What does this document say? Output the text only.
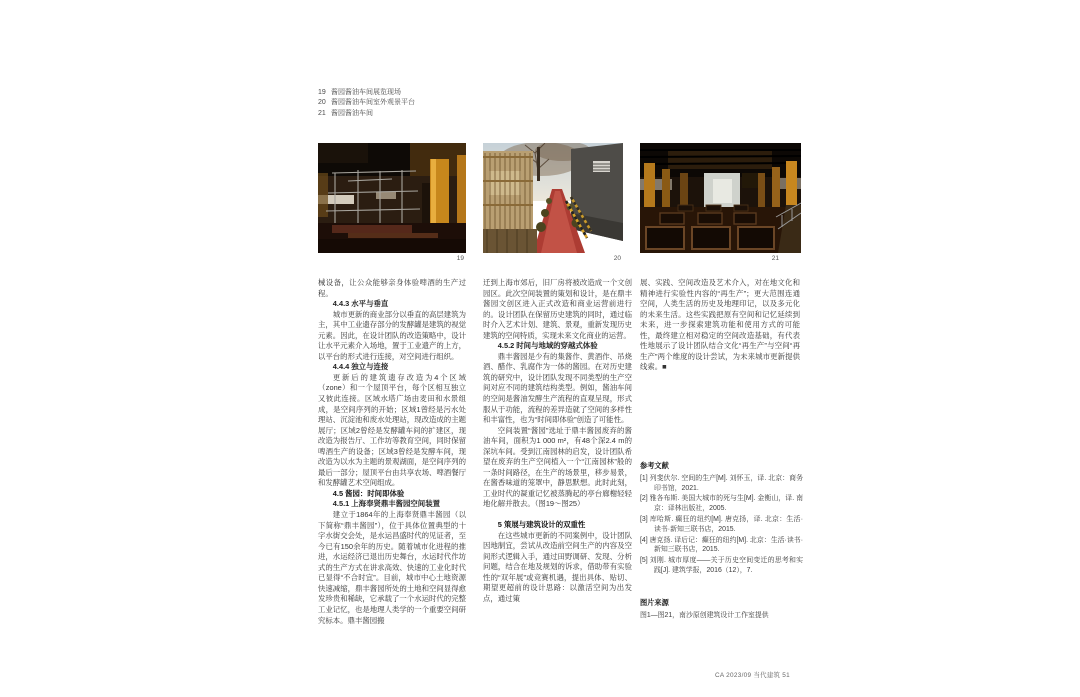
19 酱园酱油车间展览现场
20 酱园酱油车间室外观景平台
21 酱园酱油车间
19	20	21

械设备，让公众能够亲身体验啤酒的生产过程。

4.4.3 水平与垂直

城市更新的商业部分以垂直的高层建筑为主，其中工业遗存部分的发酵罐是建筑的视觉元素。因此，在设计团队的改造策略中，设计让水平元素介入场地，置于工业遗产的上方，以平台的形式进行连接，对空间进行组织。

4.4.4 独立与连接

更新后的建筑遗存改造为4个区域（zone）和一个屋顶平台，每个区相互独立又彼此连接。区域水塔广场由麦田和水景组成，是空间序列的开始；区域1曾经是污水处理站、沉淀池和废水处理站，现改造成的主题展厅；区域2曾经是发酵罐车间的扩建区，现改造为报告厅、工作坊等教育空间，同时保留啤酒生产的设备；区域3曾经是发酵车间，现改造为以水为主题的景观湖面，是空间序列的最后一部分；屋顶平台由共享农场、啤酒餐厅和发酵罐艺术空间组成。

4.5 酱园：时间即体验

4.5.1 上海奉贤鼎丰酱园空间装置

建立于1864年的上海奉贤鼎丰酱园（以下简称“鼎丰酱园”），位于具体位置典型的十字水街交会处，是水运昌盛时代的见证者，至今已有150余年的历史。随着城市化进程的推进，水运经济已退出历史舞台，水运时代作坊式的生产方式在讲求高效、快速的工业化时代已显得“不合时宜”。目前，城市中心土地资源快速减缩，鼎丰酱园所处的土地和空间显得愈发珍贵和稀缺，它承载了一个水运时代的完整工业记忆，也是地理人类学的一个重要空间研究标本。鼎丰酱园搬

迁到上海市郊后，旧厂房将被改造成一个文创园区。此次空间装置的策划和设计，是在鼎丰酱园文创区进入正式改造和商业运营前进行的。设计团队在保留历史建筑的同时，通过临时介入艺术计划、建筑、景观，重新发现历史建筑的空间特质，实现未来文化商业的运营。

4.5.2 时间与地域的穿越式体验

鼎丰酱园是少有的集酱作、黄酒作、吊烧酒、醋作、乳腐作为一体的酱园。在对历史建筑的研究中，设计团队发现不同类型的生产空间对应不同的建筑结构类型。例如，酱油车间的空间是酱油发酵生产流程的直观呈现，形式服从于功能，流程的差异造就了空间的多样性和丰富性，也为“时间即体验”创造了可能性。

空间装置“酱园”选址于鼎丰酱园废弃的酱油车间，面积为1 000 m²，有48个深2.4 m的深坑车间。受到江南园林的启发，设计团队希望在废弃的生产空间植入一个“江南园林”般的一条时间路径，在生产的场景里，移步易景，在酱香味道的笼罩中，静思默想。此时此刻，工业时代的凝重记忆被蒸腾起的亭台廊榭轻轻地化解并散去。（图19～图25）

5 策展与建筑设计的双重性

在这些城市更新的不同案例中，设计团队因地制宜，尝试从改造前空间生产的内容及空间形式逻辑入手，通过田野调研、发现、分析问题，结合在地及规划的诉求，借助带有实验性的“双年展”或竞赛机遇，提出具体、贴切、期望更超前的设计思路：以激活空间为出发点，通过策

展、实践、空间改造及艺术介入，对在地文化和精神进行实验性内容的“再生产”；更大范围连通空间，人类生活的历史及地理印记，以及多元化的未来生活。这些实践把原有空间和记忆延续到未来，进一步探索建筑功能和使用方式的可能性，最终建立相对稳定的空间改造基础，有代表性地展示了设计团队结合文化“再生产”与空间“再生产”两个维度的设计尝试，为未来城市更新提供线索。■

参考文献

[1] 列斐伏尔. 空间的生产[M]. 刘怀玉，译. 北京：商务印书馆，2021.

[2] 雅各布斯. 美国大城市的死与生[M]. 金衡山，译. 南京：译林出版社，2005.

[3] 库哈斯. 癫狂的纽约[M]. 唐克扬，译. 北京：生活·读书·新知三联书店，2015.

[4] 唐克扬. 译后记：癫狂的纽约[M]. 北京：生活·读书·新知三联书店，2015.

[5] 刘刚. 城市厚度——关于历史空间变迁的思考和实践[J]. 建筑学报，2016（12），7.

图片来源

图1—图21，南沙原创建筑设计工作室提供

CA 2023/09 当代建筑 51
